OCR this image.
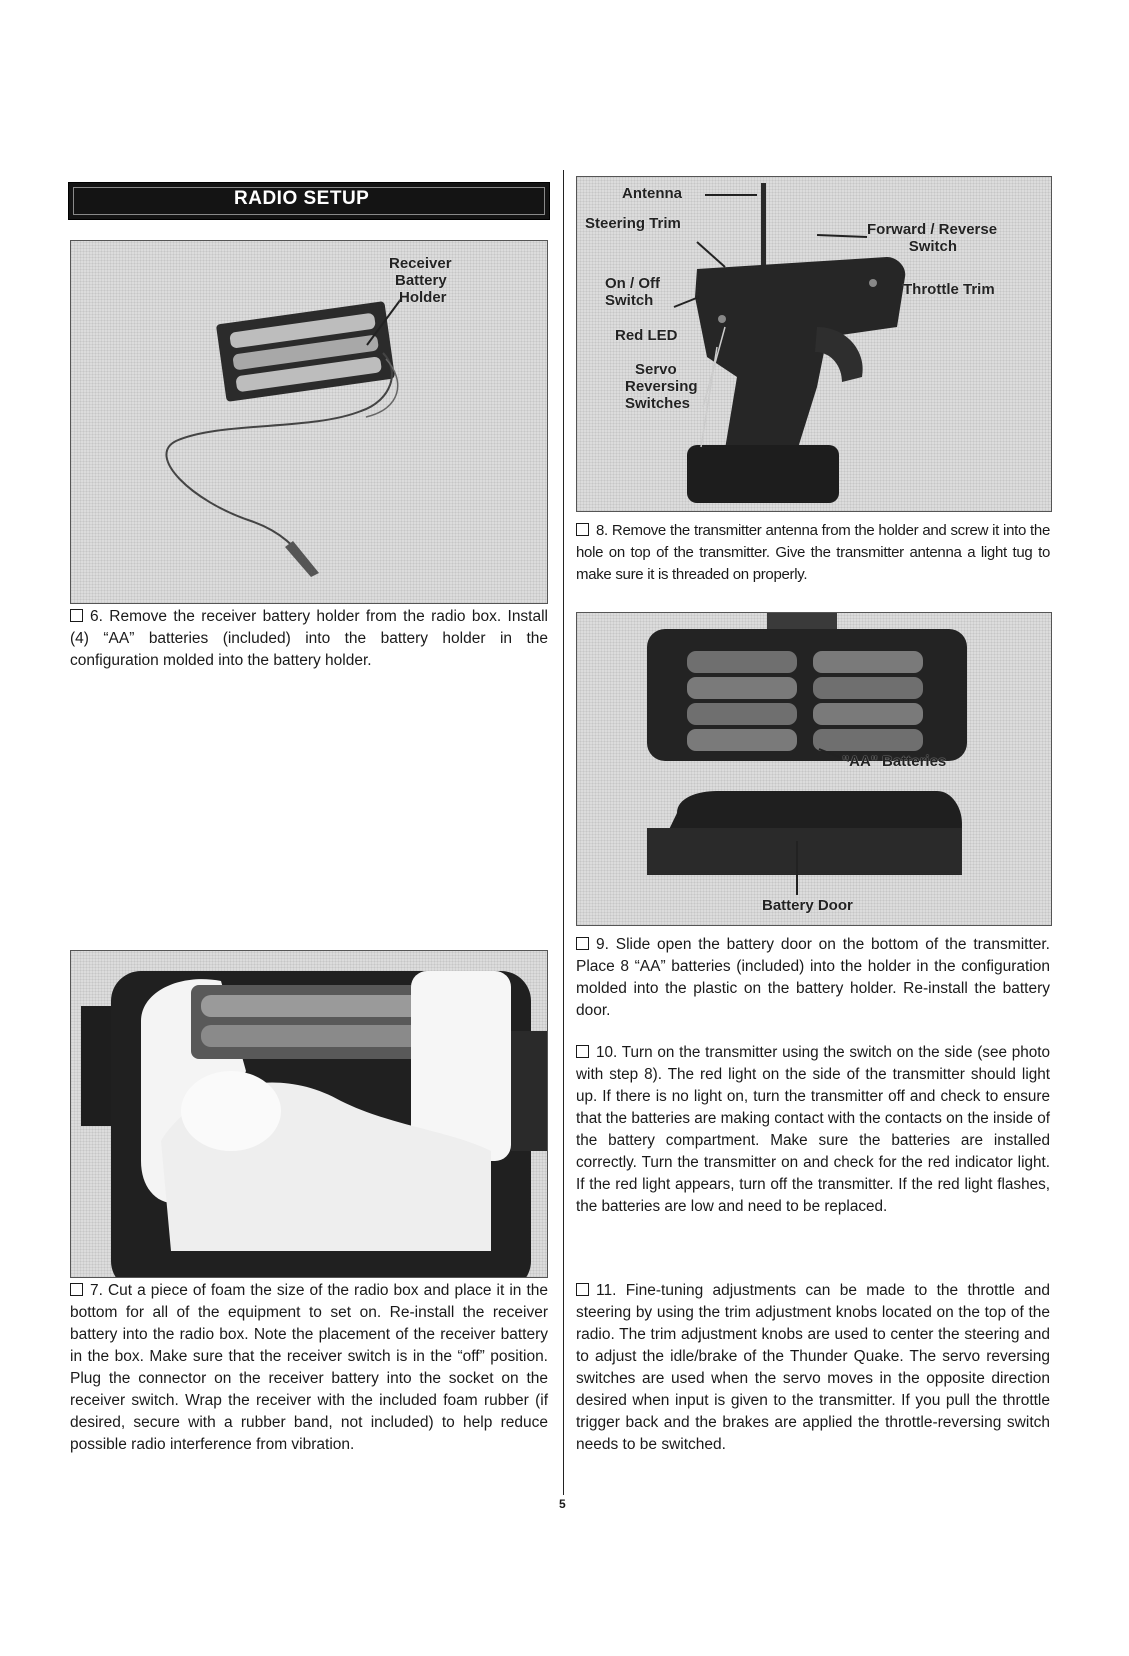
RADIO SETUP
Receiver
Battery
Holder
6. Remove the receiver battery holder from the radio box. Install (4) “AA” batteries (included) into the battery holder in the configuration molded into the battery holder.
7. Cut a piece of foam the size of the radio box and place it in the bottom for all of the equipment to set on. Re-install the receiver battery into the radio box. Note the placement of the receiver battery in the box. Make sure that the receiver switch is in the “off” position. Plug the connector on the receiver battery into the socket on the receiver switch. Wrap the receiver with the included foam rubber (if desired, secure with a rubber band, not included) to help reduce possible radio interference from vibration.
Antenna
Steering Trim	Forward / Reverse
Switch
On / Off
Switch
Throttle Trim
Red LED
Servo
Reversing
Switches
8. Remove the transmitter antenna from the holder and screw it into the hole on top of the transmitter. Give the transmitter antenna a light tug to make sure it is threaded on properly.
"AA" Batteries
Battery Door
9. Slide open the battery door on the bottom of the transmitter. Place 8 “AA” batteries (included) into the holder in the configuration molded into the plastic on the battery holder. Re-install the battery door.
10. Turn on the transmitter using the switch on the side (see photo with step 8). The red light on the side of the transmitter should light up. If there is no light on, turn the transmitter off and check to ensure that the batteries are making contact with the contacts on the inside of the battery compartment. Make sure the batteries are installed correctly. Turn the transmitter on and check for the red indicator light. If the red light appears, turn off the transmitter. If the red light flashes, the batteries are low and need to be replaced.
11. Fine-tuning adjustments can be made to the throttle and steering by using the trim adjustment knobs located on the top of the radio. The trim adjustment knobs are used to center the steering and to adjust the idle/brake of the Thunder Quake. The servo reversing switches are used when the servo moves in the opposite direction desired when input is given to the transmitter. If you pull the throttle trigger back and the brakes are applied the throttle-reversing switch needs to be switched.
5
